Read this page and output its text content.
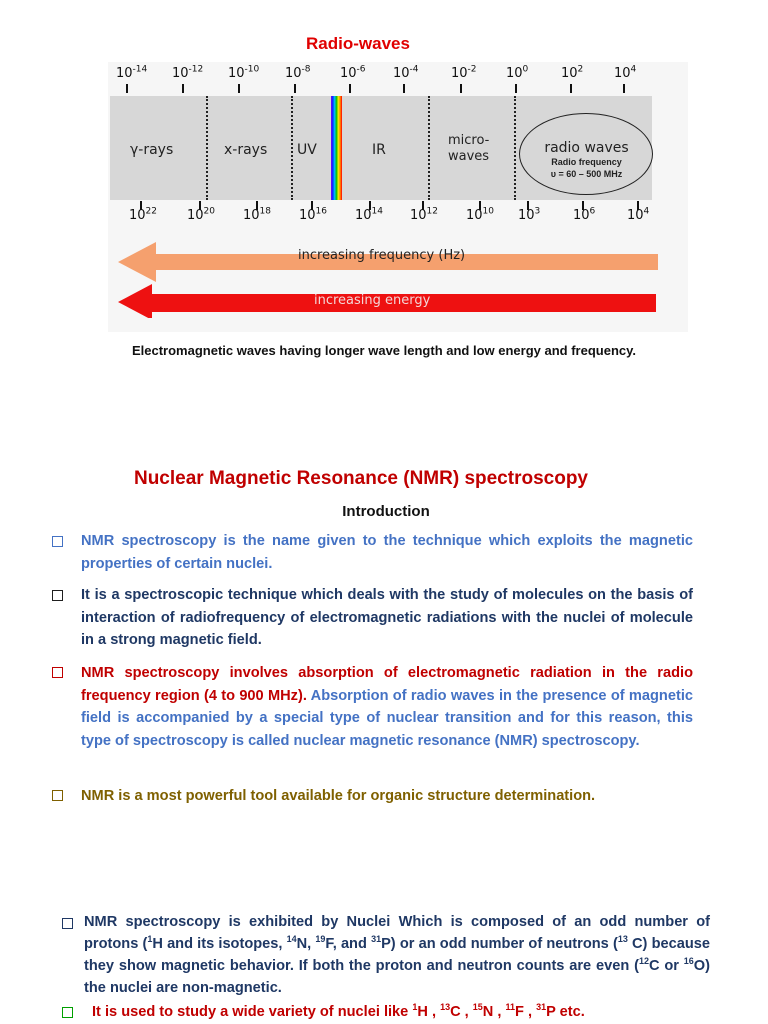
Radio-waves
$10^{-14}$ $10^{-12}$ $10^{-10}$ $10^{-8}$ $10^{-6}$ $10^{-4}$ $10^{-2}$ $10^0$	$10^2$ $10^4$
γ-rays	x-rays UV	IR
micro-
waves
radio waves
Radio frequency
υ = 60 – 500 MHz
$10^{22}$ $10^{20}$ $10^{18}$ $10^{16}$ $10^{14}$ $10^{12}$ $10^{10}$ $10^3$	$10^6$ $10^4$
increasing frequency (Hz)
increasing energy
Electromagnetic waves having longer wave length and low energy and frequency.
Nuclear Magnetic Resonance (NMR) spectroscopy
Introduction
NMR spectroscopy is the name given to the technique which exploits the magnetic properties of certain nuclei.
It is a spectroscopic technique which deals with the study of molecules on the basis of interaction of radiofrequency of electromagnetic radiations with the nuclei of molecule in a strong magnetic field.
NMR spectroscopy involves absorption of electromagnetic radiation in the radio frequency region (4 to 900 MHz). Absorption of radio waves in the presence of magnetic field is accompanied by a special type of nuclear transition and for this reason, this type of spectroscopy is called nuclear magnetic resonance (NMR) spectroscopy.
NMR is a most powerful tool available for organic structure determination.
NMR spectroscopy is exhibited by Nuclei Which is composed of an odd number of protons ($^1$H and its isotopes, $^{14}$N, $^{19}$F, and $^{31}$P) or an odd number of neutrons ($^{13}$ C) because they show magnetic behavior. If both the proton and neutron counts are even ($^{12}$C or $^{16}$O) the nuclei are non-magnetic.
It is used to study a wide variety of nuclei like $^1$H , $^{13}$C , $^{15}$N , $^{11}$F , $^{31}$P etc.
